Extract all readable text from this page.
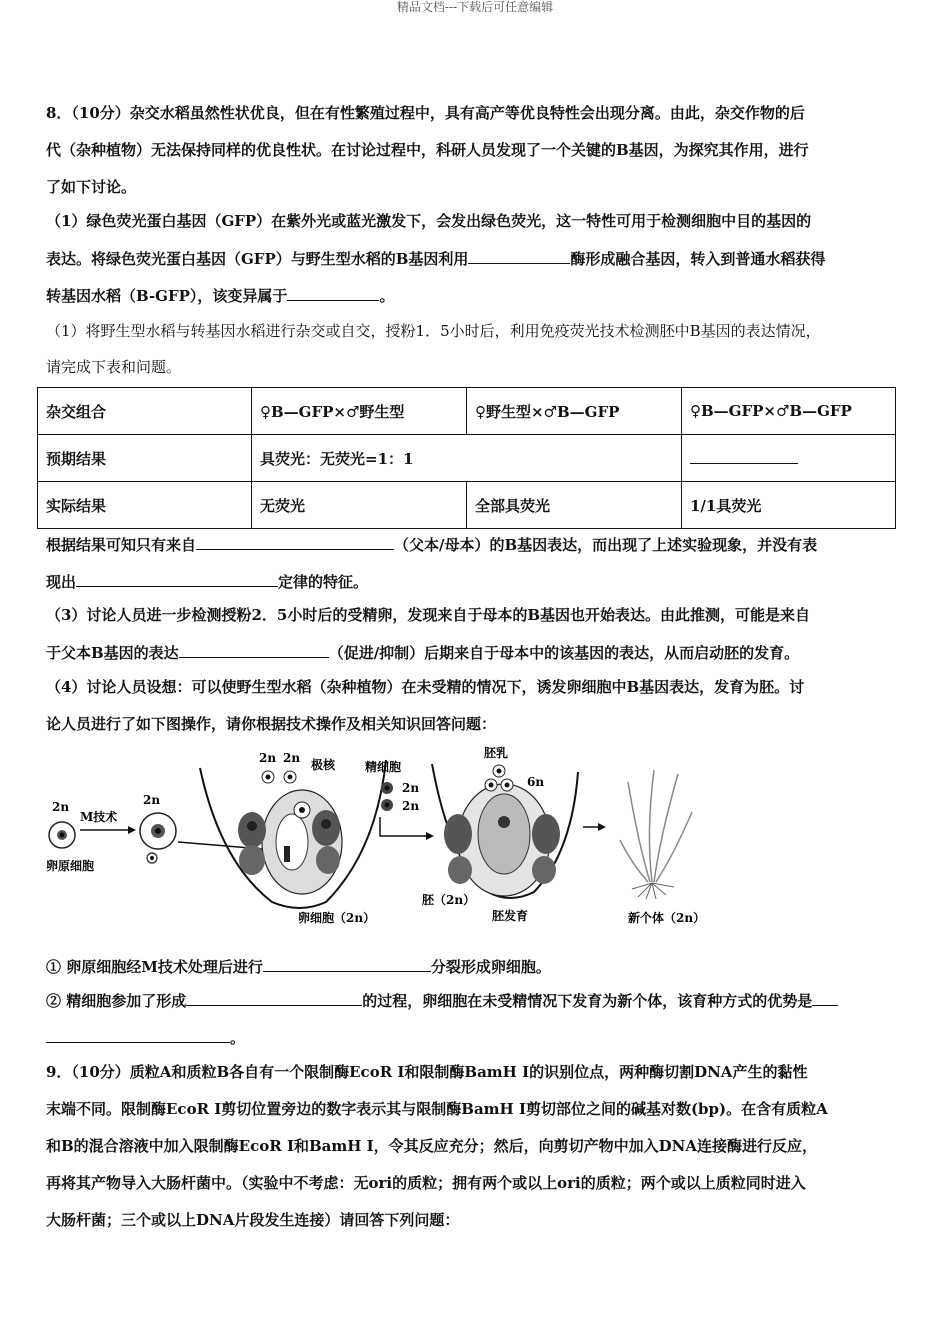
精品文档---下载后可任意编辑
8．（10分）杂交水稻虽然性状优良，但在有性繁殖过程中，具有高产等优良特性会出现分离。由此，杂交作物的后
代（杂种植物）无法保持同样的优良性状。在讨论过程中，科研人员发现了一个关键的B基因，为探究其作用，进行
了如下讨论。
（1）绿色荧光蛋白基因（GFP）在紫外光或蓝光激发下，会发出绿色荧光，这一特性可用于检测细胞中目的基因的
表达。将绿色荧光蛋白基因（GFP）与野生型水稻的B基因利用	酶形成融合基因，转入到普通水稻获得
转基因水稻（B-GFP），该变异属于	。
（1）将野生型水稻与转基因水稻进行杂交或自交，授粉1．5小时后，利用免疫荧光技术检测胚中B基因的表达情况，
请完成下表和问题。
杂交组合	♀B—GFP×♂野生型	♀野生型×♂B—GFP	♀B—GFP×♂B—GFP
预期结果	具荧光：无荧光=1：1		
实际结果	无荧光	全部具荧光	1/1具荧光
根据结果可知只有来自	（父本/母本）的B基因表达，而出现了上述实验现象，并没有表
现出	定律的特征。
（3）讨论人员进一步检测授粉2．5小时后的受精卵，发现来自于母本的B基因也开始表达。由此推测，可能是来自
于父本B基因的表达	（促进/抑制）后期来自于母本中的该基因的表达，从而启动胚的发育。
（4）讨论人员设想：可以使野生型水稻（杂种植物）在未受精的情况下，诱发卵细胞中B基因表达，发育为胚。讨
论人员进行了如下图操作，请你根据技术操作及相关知识回答问题：
2n
卵原细胞
M技术
2n
2n 2n 极核
卵细胞（2n）
精细胞
2n
2n
胚乳
6n
胚（2n）
胚发育	新个体（2n）
① 卵原细胞经M技术处理后进行	分裂形成卵细胞。
② 精细胞参加了形成	的过程，卵细胞在未受精情况下发育为新个体，该育种方式的优势是
。
9．（10分）质粒A和质粒B各自有一个限制酶EcoR I和限制酶BamH I的识别位点，两种酶切割DNA产生的黏性
末端不同。限制酶EcoR I剪切位置旁边的数字表示其与限制酶BamH I剪切部位之间的碱基对数(bp)。在含有质粒A
和B的混合溶液中加入限制酶EcoR I和BamH I，令其反应充分；然后，向剪切产物中加入DNA连接酶进行反应，
再将其产物导入大肠杆菌中。（实验中不考虑：无ori的质粒；拥有两个或以上ori的质粒；两个或以上质粒同时进入
大肠杆菌；三个或以上DNA片段发生连接）请回答下列问题：
